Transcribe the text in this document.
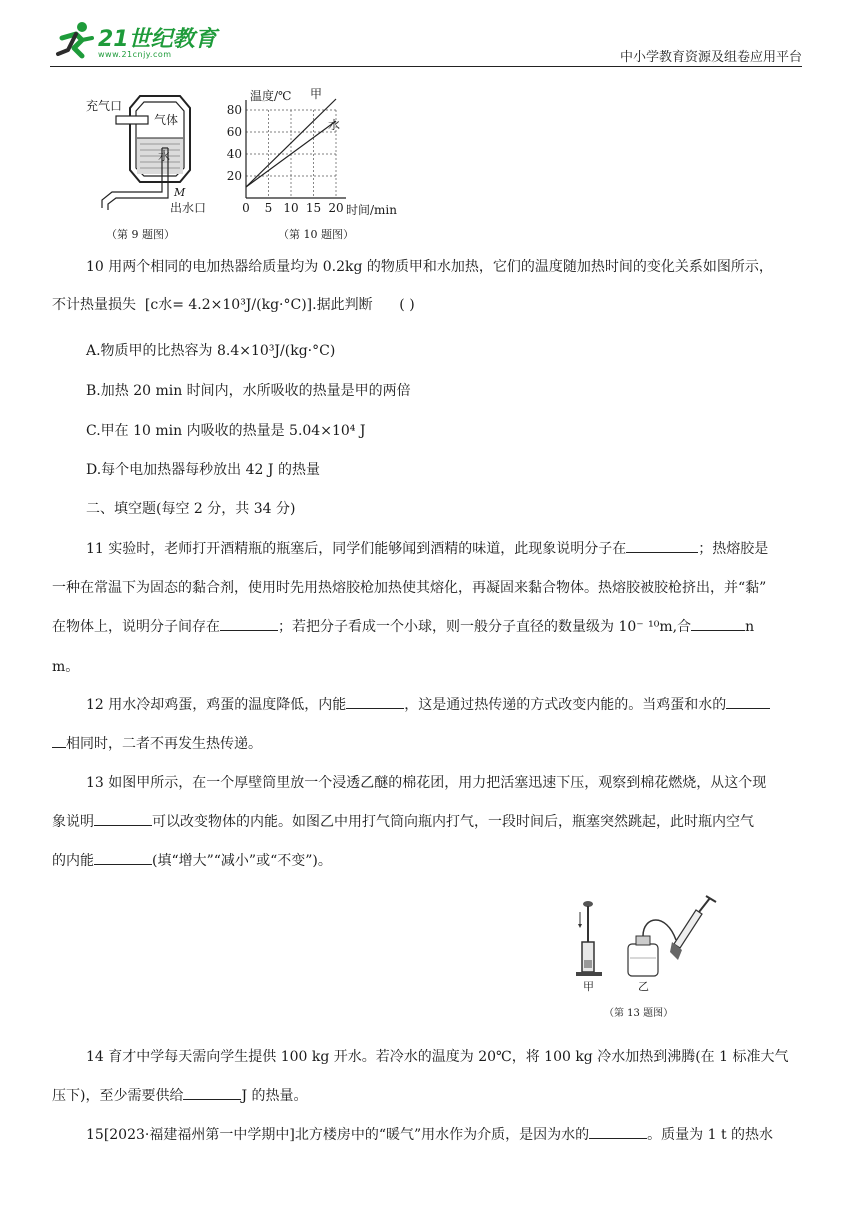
21世纪教育
www.21cnjy.com	中小学教育资源及组卷应用平台
充气口
气体
水
M
出水口
（第 9 题图）
甲
水
0 5 10 15 20
20
40
60
80
温度/℃
时间/min
（第 10 题图）
10 用两个相同的电加热器给质量均为 0.2kg 的物质甲和水加热，它们的温度随加热时间的变化关系如图所示，
不计热量损失 [c水= 4.2×10³J/(kg·°C)].据此判断 ( )
A.物质甲的比热容为 8.4×10³J/(kg·°C)
B.加热 20 min 时间内，水所吸收的热量是甲的两倍
C.甲在 10 min 内吸收的热量是 5.04×10⁴ J
D.每个电加热器每秒放出 42 J 的热量
二、填空题(每空 2 分，共 34 分)
11 实验时，老师打开酒精瓶的瓶塞后，同学们能够闻到酒精的味道，此现象说明分子在	；热熔胶是
一种在常温下为固态的黏合剂，使用时先用热熔胶枪加热使其熔化，再凝固来黏合物体。热熔胶被胶枪挤出，并“黏”
在物体上，说明分子间存在	；若把分子看成一个小球，则一般分子直径的数量级为 10⁻ ¹⁰m,合	n
m。
12 用水冷却鸡蛋，鸡蛋的温度降低，内能	，这是通过热传递的方式改变内能的。当鸡蛋和水的
相同时，二者不再发生热传递。
13 如图甲所示，在一个厚壁筒里放一个浸透乙醚的棉花团，用力把活塞迅速下压，观察到棉花燃烧，从这个现
象说明	可以改变物体的内能。如图乙中用打气筒向瓶内打气，一段时间后，瓶塞突然跳起，此时瓶内空气
的内能	(填“增大”“减小”或“不变”)。
甲	乙
（第 13 题图）
14 育才中学每天需向学生提供 100 kg 开水。若冷水的温度为 20℃，将 100 kg 冷水加热到沸腾(在 1 标准大气
压下)，至少需要供给	J 的热量。
15[2023·福建福州第一中学期中]北方楼房中的“暖气”用水作为介质，是因为水的	。质量为 1 t 的热水
